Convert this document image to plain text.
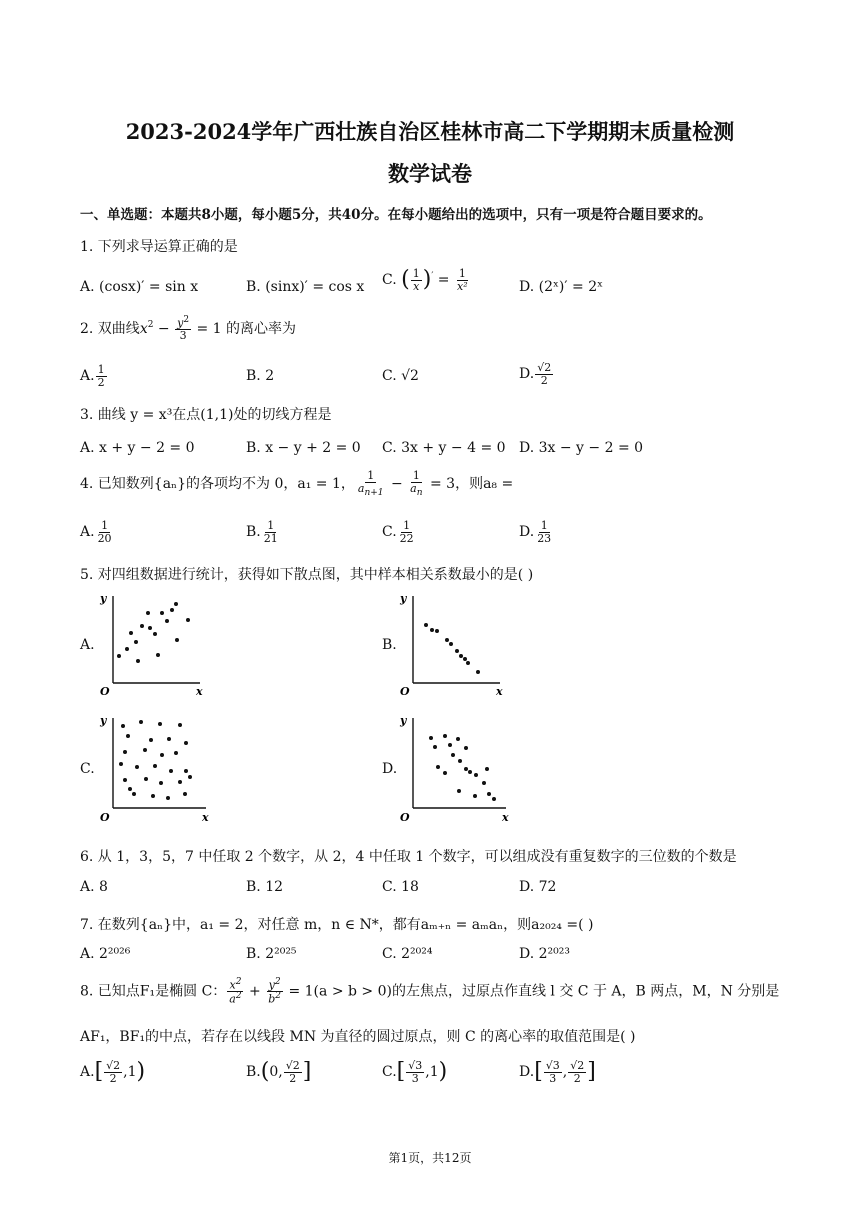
2023-2024学年广西壮族自治区桂林市高二下学期期末质量检测
数学试卷
一、单选题：本题共8小题，每小题5分，共40分。在每小题给出的选项中，只有一项是符合题目要求的。
1. 下列求导运算正确的是
A. (cosx)′ = sin x	B. (sinx)′ = cos x C. ( $\frac{1}{x} )' = \frac{1}{\text{x²}}$	D. (2ˣ)′ = 2ˣ
2. 双曲线$x^2 - \frac{y^2}{3} = 1$ 的离心率为
A. $\frac{1}{2}$	B. 2	C. √2	D. $\frac{√2}{2}$
3. 曲线 y = x³在点(1,1)处的切线方程是
A. x + y − 2 = 0	B. x − y + 2 = 0 C. 3x + y − 4 = 0 D. 3x − y − 2 = 0
4. 已知数列{aₙ}的各项均不为 0，a₁ = 1， $\frac{1}{a_{n+1}} - \frac{1}{a_n} = 3$，则a₈ =
A. $\frac{1}{20}$	B. $\frac{1}{21}$	C. $\frac{1}{22}$	D. $\frac{1}{23}$
5. 对四组数据进行统计，获得如下散点图，其中样本相关系数最小的是( )
A.	B.
C.	D.
y
x
O
y
x
O
y
x
O
y
x
O
6. 从 1，3，5，7 中任取 2 个数字，从 2，4 中任取 1 个数字，可以组成没有重复数字的三位数的个数是
A. 8	B. 12	C. 18	D. 72
7. 在数列{aₙ}中，a₁ = 2，对任意 m，n ∈ N*，都有aₘ₊ₙ = aₘaₙ，则a₂₀₂₄ =( )
A. 2²⁰²⁶	B. 2²⁰²⁵	C. 2²⁰²⁴	D. 2²⁰²³
8. 已知点F₁是椭圆 C： $\frac{x^2}{a^2} + \frac{y^2}{b^2} = 1(a > b > 0)$的左焦点，过原点作直线 l 交 C 于 A，B 两点，M，N 分别是
AF₁，BF₁的中点，若存在以线段 MN 为直径的圆过原点，则 C 的离心率的取值范围是( )
$A.[ \frac{√2}{2} ,1)$	B.(0, $\frac{√2}{2}$ ]	$C.[ \frac{√3}{3} ,1)$	$D.[ \frac{√3}{3}$ , $\frac{√2}{2}$ ]
第1页，共12页
